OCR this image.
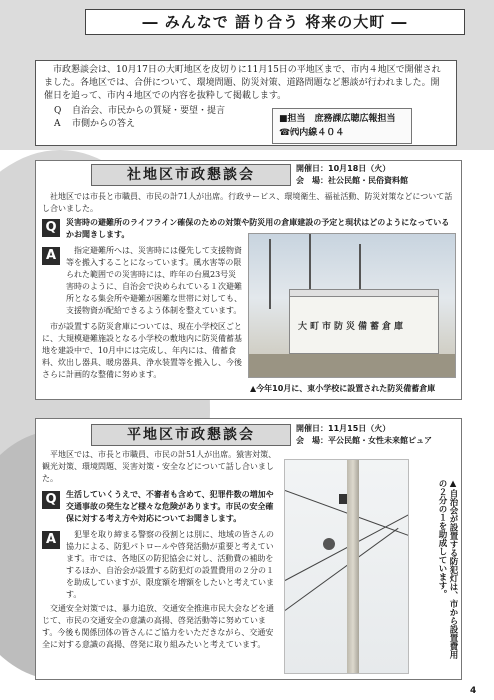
― みんなで 語り合う 将来の大町 ―

市政懇談会は、10月17日の大町地区を皮切りに11月15日の平地区まで、市内４地区で開催されました。各地区では、合併について、環境問題、防災対策、道路問題など懇談が行われました。開催日を追って、市内４地区での内容を抜粋して掲載します。

Q 自治会、市民からの質疑・要望・提言
A 市側からの答え	■担当　庶務課広聴広報担当
☎㈹内線４０４
社地区市政懇談会	開催日：10月18日（火）
会　場：社公民館・民俗資料館

社地区では市長と市職員、市民の計71人が出席。行政サービス、環境衛生、福祉活動、防災対策などについて話し合いました。

Q	災害時の避難所のライフライン確保のための対策や防災用の倉庫建設の予定と現状はどのようになっているかお聞きします。

A	指定避難所へは、災害時には優先して支援物資等を搬入することになっています。風水害等の限られた範囲での災害時には、昨年の台風23号災害時のように、自治会で決められている１次避難所となる集会所や避難が困難な世帯に対しても、支援物資が配給できるよう体制を整えています。

市が設置する防災倉庫については、現在小学校区ごとに、大規模避難施設となる小学校の敷地内に防災備蓄基地を建設中で、10月中には完成し、年内には、備蓄食料、炊出し器具、暖房器具、浄水装置等を搬入し、今後さらに計画的な整備に努めます。

大町市防災備蓄倉庫
▲今年10月に、東小学校に設置された防災備蓄倉庫
平地区市政懇談会	開催日：11月15日（火）
会　場：平公民館・女性未来館ピュア

平地区では、市長と市職員、市民の計51人が出席。猿害対策、観光対策、環境問題、災害対策・安全などについて話し合いました。

Q	生活していくうえで、不審者も含めて、犯罪件数の増加や交通事故の発生など様々な危険があります。市民の安全確保に対する考え方や対応についてお聞きします。

A	犯罪を取り締まる警察の役割とは別に、地域の皆さんの協力による、防犯パトロールや啓発活動が重要と考えています。市では、各地区の防犯協会に対し、活動費の補助をするほか、自治会が設置する防犯灯の設置費用の２分の１を助成していますが、限度額を増額をしたいと考えています。

交通安全対策では、暴力追放、交通安全推進市民大会などを通じて、市民の交通安全の意識の高揚、啓発活動等に努めています。今後も関係団体の皆さんにご協力をいただきながら、交通安全に対する意識の高揚、啓発に取り組みたいと考えています。	▲自治会が設置する防犯灯は、市から設置費用の２分の１を助成しています。
4
